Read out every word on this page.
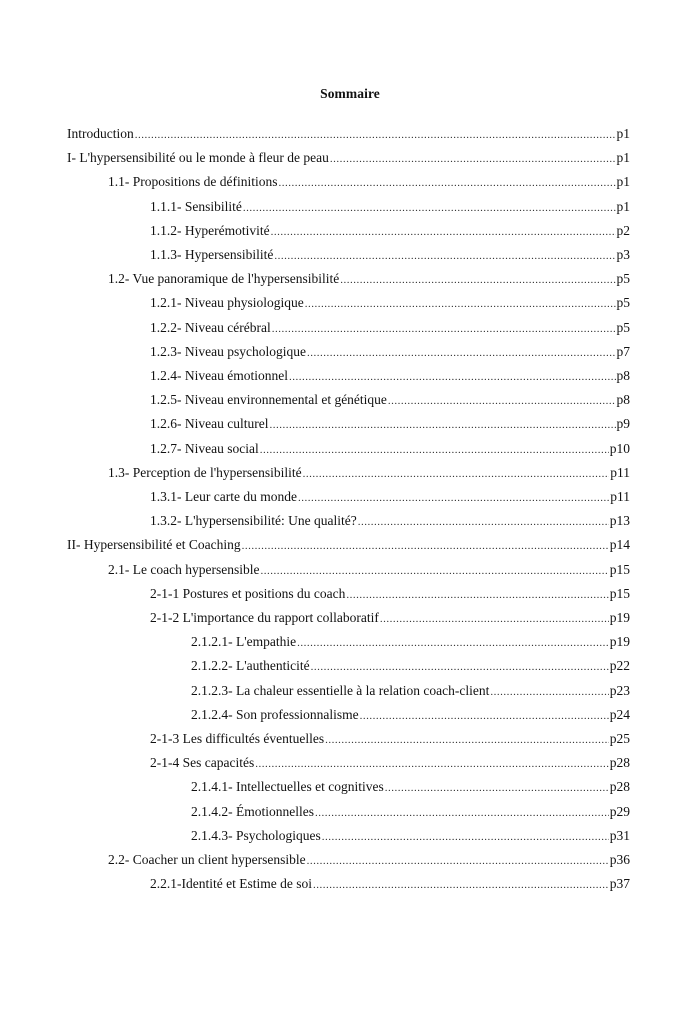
Sommaire
Introduction .....	p1
I- L'hypersensibilité ou le monde à fleur de peau .....	p1
1.1- Propositions de définitions .....	p1
1.1.1- Sensibilité .....	p1
1.1.2- Hyperémotivité .....	p2
1.1.3- Hypersensibilité .....	p3
1.2- Vue panoramique de l'hypersensibilité .....	p5
1.2.1- Niveau physiologique .....	p5
1.2.2- Niveau cérébral .....	p5
1.2.3- Niveau psychologique .....	p7
1.2.4- Niveau émotionnel .....	p8
1.2.5- Niveau environnemental et génétique .....	p8
1.2.6- Niveau culturel .....	p9
1.2.7- Niveau social .....	p10
1.3- Perception de l'hypersensibilité .....	p11
1.3.1- Leur carte du monde .....	p11
1.3.2- L'hypersensibilité: Une qualité? .....	p13
II- Hypersensibilité et Coaching .....	p14
2.1- Le coach hypersensible .....	p15
2-1-1 Postures et positions du coach .....	p15
2-1-2 L'importance du rapport collaboratif .....	p19
2.1.2.1- L'empathie .....	p19
2.1.2.2- L'authenticité .....	p22
2.1.2.3- La chaleur essentielle à la relation coach-client .....	p23
2.1.2.4- Son professionnalisme .....	p24
2-1-3 Les difficultés éventuelles .....	p25
2-1-4 Ses capacités .....	p28
2.1.4.1- Intellectuelles et cognitives .....	p28
2.1.4.2- Émotionnelles .....	p29
2.1.4.3- Psychologiques .....	p31
2.2- Coacher un client hypersensible .....	p36
2.2.1-Identité et Estime de soi .....	p37
